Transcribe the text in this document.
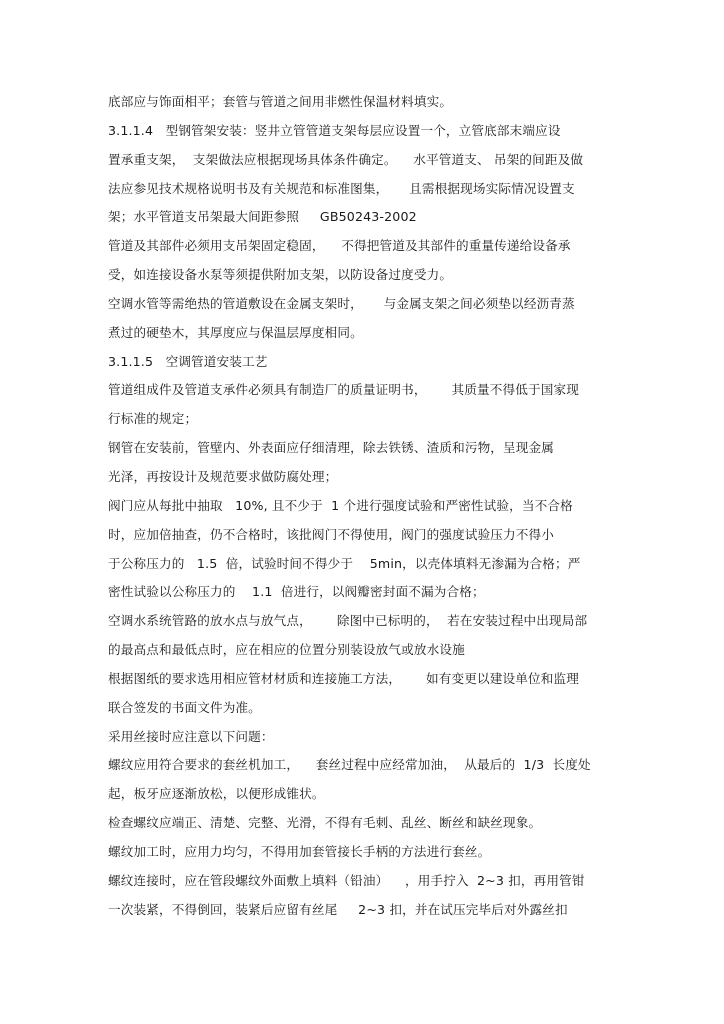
底部应与饰面相平；套管与管道之间用非燃性保温材料填实。
3.1.1.4   型钢管架安装：竖井立管管道支架每层应设置一个，立管底部末端应设
置承重支架，  支架做法应根据现场具体条件确定。    水平管道支、 吊架的间距及做
法应参见技术规格说明书及有关规范和标准图集，     且需根据现场实际情况设置支
架；水平管道支吊架最大间距参照     GB50243-2002
管道及其部件必须用支吊架固定稳固，    不得把管道及其部件的重量传递给设备承
受，如连接设备水泵等须提供附加支架，以防设备过度受力。
空调水管等需绝热的管道敷设在金属支架时，     与金属支架之间必须垫以经沥青蒸
煮过的硬垫木，其厚度应与保温层厚度相同。
3.1.1.5   空调管道安装工艺
管道组成件及管道支承件必须具有制造厂的质量证明书，      其质量不得低于国家现
行标准的规定；
钢管在安装前，管壁内、外表面应仔细清理，除去铁锈、渣质和污物，呈现金属
光泽，再按设计及规范要求做防腐处理；
阀门应从每批中抽取   10%, 且不少于  1 个进行强度试验和严密性试验，当不合格
时，应加倍抽查，仍不合格时，该批阀门不得使用，阀门的强度试验压力不得小
于公称压力的   1.5  倍，试验时间不得少于    5min，以壳体填料无渗漏为合格；严
密性试验以公称压力的    1.1  倍进行，以阀瓣密封面不漏为合格；
空调水系统管路的放水点与放气点，      除图中已标明的，  若在安装过程中出现局部
的最高点和最低点时，应在相应的位置分别装设放气或放水设施
根据图纸的要求选用相应管材材质和连接施工方法，      如有变更以建设单位和监理
联合签发的书面文件为准。
采用丝接时应注意以下问题：
螺纹应用符合要求的套丝机加工，    套丝过程中应经常加油，  从最后的  1/3  长度处
起，板牙应逐渐放松，以便形成锥状。
检查螺纹应端正、清楚、完整、光滑，不得有毛刺、乱丝、断丝和缺丝现象。
螺纹加工时，应用力均匀，不得用加套管接长手柄的方法进行套丝。
螺纹连接时，应在管段螺纹外面敷上填料（铅油）    ，用手拧入  2~3 扣，再用管钳
一次装紧，不得倒回，装紧后应留有丝尾     2~3 扣，并在试压完毕后对外露丝扣
